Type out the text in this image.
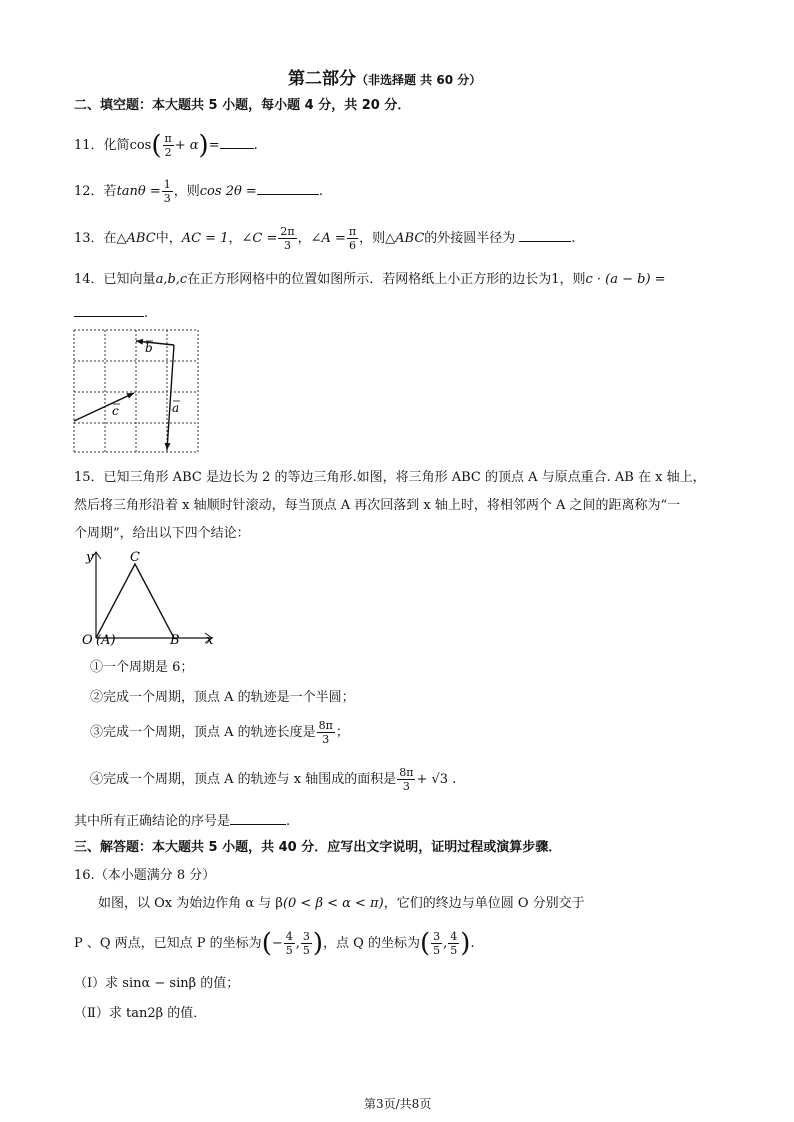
第二部分（非选择题 共 60 分）
二、填空题：本大题共 5 小题，每小题 4 分，共 20 分．
11．化简$\cos( \frac{\pi}{2} + \alpha)=$	.
12．若$\tan\theta = \frac{1}{3}$ ，则cos 2θ =	.
13．在△ABC中，AC = 1，∠C = $\frac{2\pi}{3}$ ，∠A = $\frac{\pi}{6}$ ，则△ABC的外接圆半径为	.
14．已知向量a,b,c在正方形网格中的位置如图所示．若网格纸上小正方形的边长为1，则c · (a − b) =
.
b
c	a
15．已知三角形 ABC 是边长为 2 的等边三角形.如图，将三角形 ABC 的顶点 A 与原点重合. AB 在 x 轴上，
然后将三角形沿着 x 轴顺时针滚动，每当顶点 A 再次回落到 x 轴上时，将相邻两个 A 之间的距离称为“一
个周期”，给出以下四个结论：
y	C
O (A)	B x
①一个周期是 6；
②完成一个周期，顶点 A 的轨迹是一个半圆；
③完成一个周期，顶点 A 的轨迹长度是 $\frac{8\pi}{3}$ ；
④完成一个周期，顶点 A 的轨迹与 x 轴围成的面积是 $\frac{8\pi}{3} + √3$ .
其中所有正确结论的序号是	.
三、解答题：本大题共 5 小题，共 40 分．应写出文字说明，证明过程或演算步骤．
16.（本小题满分 8 分）
如图，以 Ox 为始边作角 α 与 β(0 < β < α < π)，它们的终边与单位圆 O 分别交于
P 、Q 两点，已知点 P 的坐标为(− $\frac{4}{5}$ , $\frac{3}{5}$ )，点 Q 的坐标为( $\frac{3}{5}$ , $\frac{4}{5}$ ).
（Ⅰ）求 sinα − sinβ 的值；
（Ⅱ）求 tan2β 的值．
第3页/共8页
